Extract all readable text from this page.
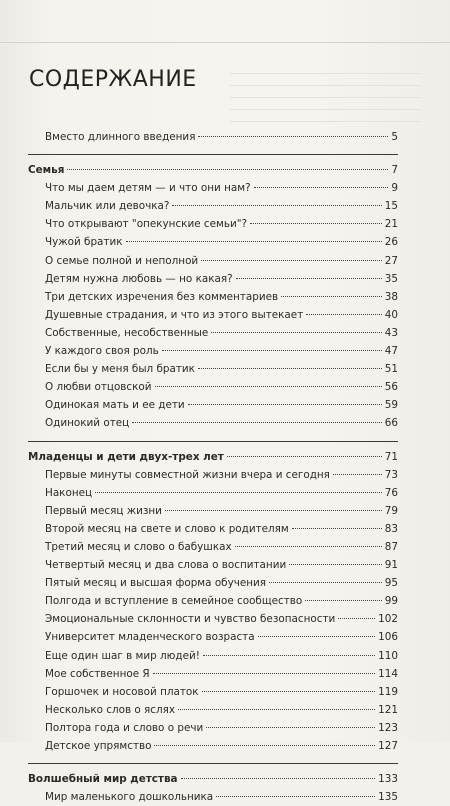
СОДЕРЖАНИЕ
Вместо длинного введения	5
Семья	7
Что мы даем детям — и что они нам?	9
Мальчик или девочка?	15
Что открывают "опекунские семьи"?	21
Чужой братик	26
О семье полной и неполной	27
Детям нужна любовь — но какая?	35
Три детских изречения без комментариев	38
Душевные страдания, и что из этого вытекает	40
Собственные, несобственные	43
У каждого своя роль	47
Если бы у меня был братик	51
О любви отцовской	56
Одинокая мать и ее дети	59
Одинокий отец	66
Младенцы и дети двух-трех лет	71
Первые минуты совместной жизни вчера и сегодня	73
Наконец	76
Первый месяц жизни	79
Второй месяц на свете и слово к родителям	83
Третий месяц и слово о бабушках	87
Четвертый месяц и два слова о воспитании	91
Пятый месяц и высшая форма обучения	95
Полгода и вступление в семейное сообщество	99
Эмоциональные склонности и чувство безопасности	102
Университет младенческого возраста	106
Еще один шаг в мир людей!	110
Мое собственное Я	114
Горшочек и носовой платок	119
Несколько слов о яслях	121
Полтора года и слово о речи	123
Детское упрямство	127
Волшебный мир детства	133
Мир маленького дошкольника	135
